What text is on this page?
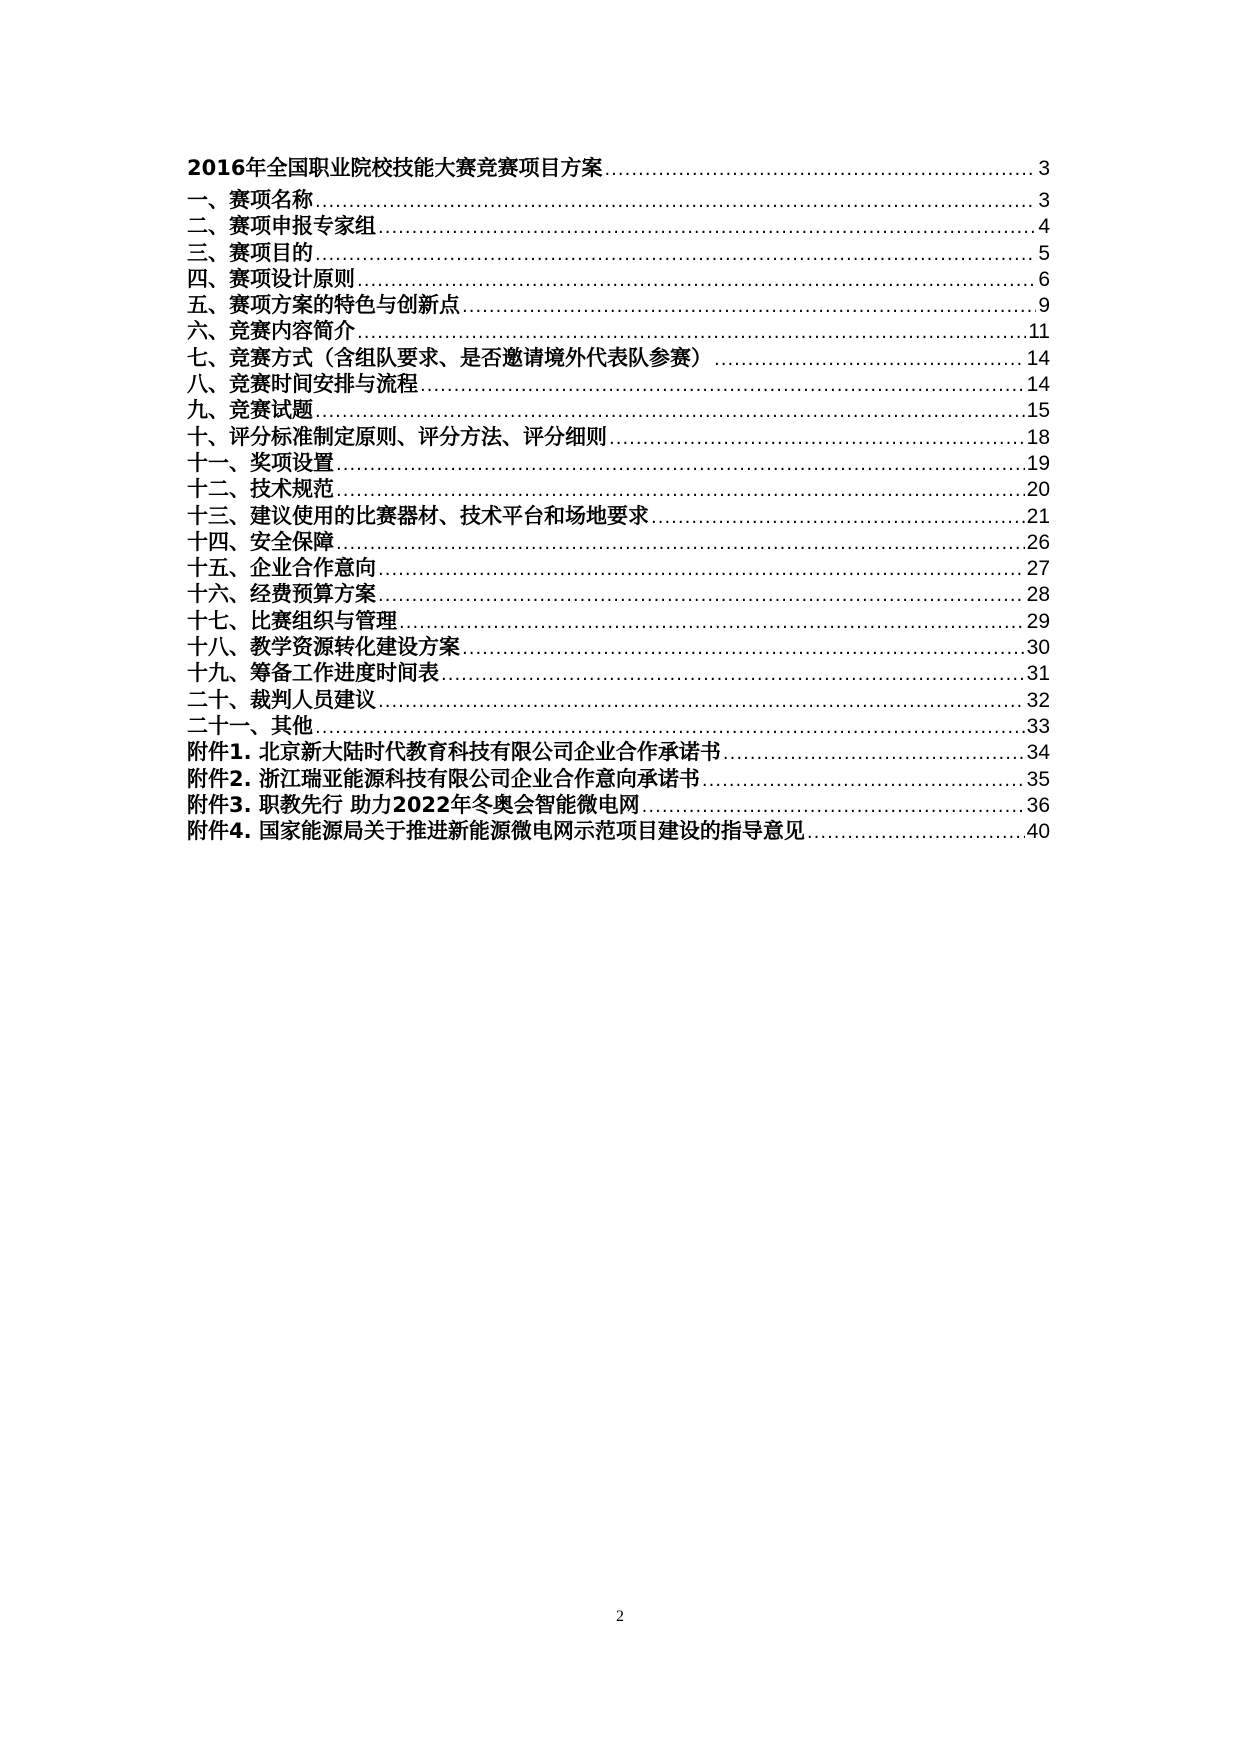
2016年全国职业院校技能大赛竞赛项目方案 .....	3
一、赛项名称 .....	3
二、赛项申报专家组 .....	4
三、赛项目的 .....	5
四、赛项设计原则 .....	6
五、赛项方案的特色与创新点 .....	9
六、竞赛内容简介 .....	11
七、竞赛方式（含组队要求、是否邀请境外代表队参赛） .....	14
八、竞赛时间安排与流程 .....	14
九、竞赛试题 .....	15
十、评分标准制定原则、评分方法、评分细则 .....	18
十一、奖项设置 .....	19
十二、技术规范 .....	20
十三、建议使用的比赛器材、技术平台和场地要求 .....	21
十四、安全保障 .....	26
十五、企业合作意向 .....	27
十六、经费预算方案 .....	28
十七、比赛组织与管理 .....	29
十八、教学资源转化建设方案 .....	30
十九、筹备工作进度时间表 .....	31
二十、裁判人员建议 .....	32
二十一、其他 .....	33
附件1. 北京新大陆时代教育科技有限公司企业合作承诺书 .....	34
附件2. 浙江瑞亚能源科技有限公司企业合作意向承诺书 .....	35
附件3. 职教先行 助力2022年冬奥会智能微电网 .....	36
附件4. 国家能源局关于推进新能源微电网示范项目建设的指导意见 .....	40
2
